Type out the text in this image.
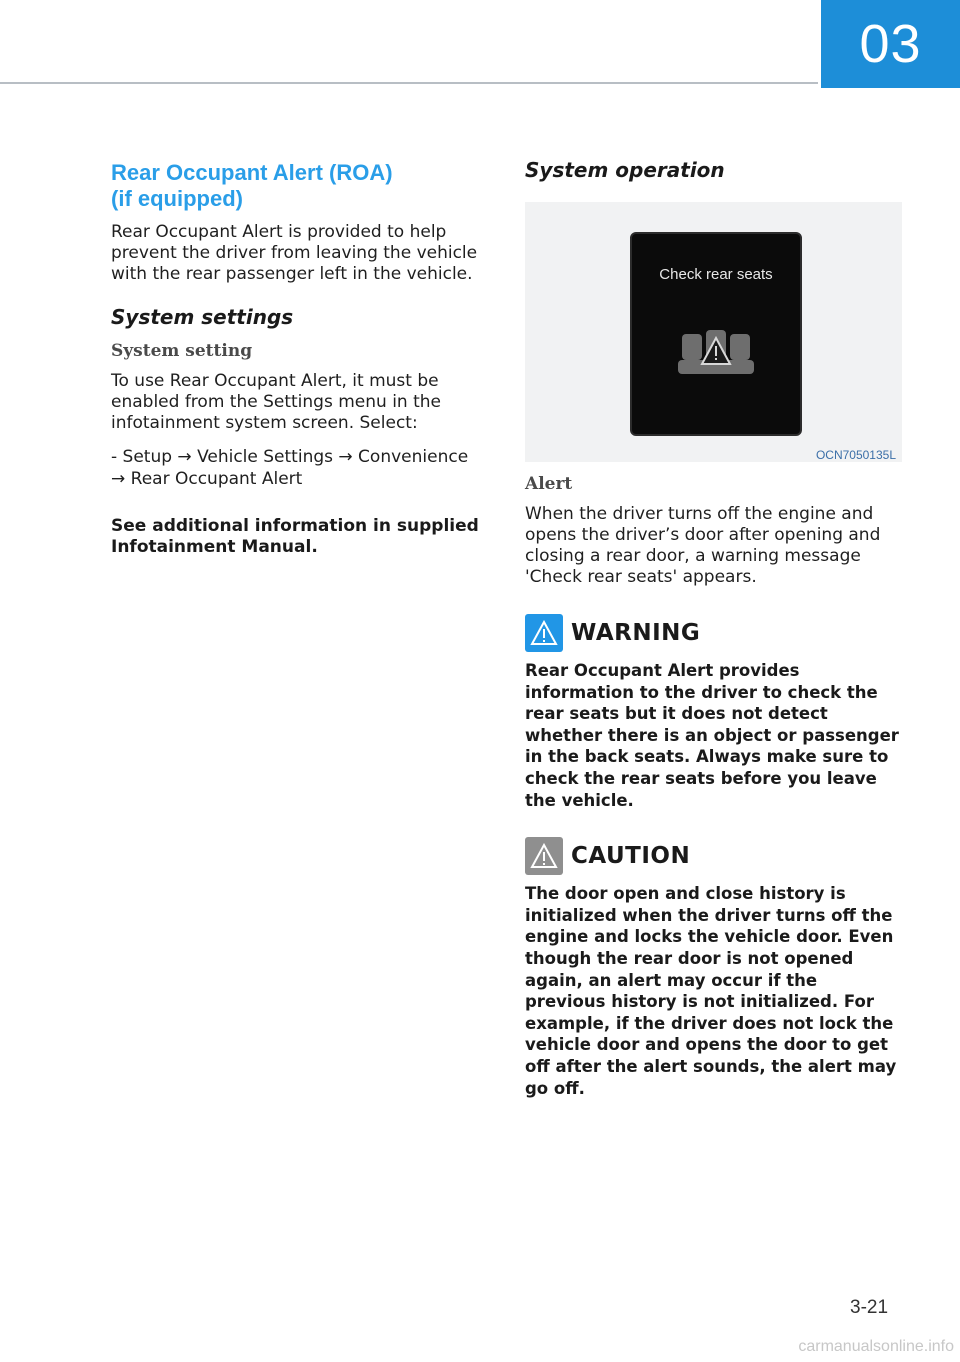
03
Rear Occupant Alert (ROA)
(if equipped)

Rear Occupant Alert is provided to help prevent the driver from leaving the vehicle with the rear passenger left in the vehicle.

System settings
System setting

To use Rear Occupant Alert, it must be enabled from the Settings menu in the infotainment system screen. Select:

- Setup → Vehicle Settings → Convenience

→ Rear Occupant Alert

See additional information in supplied Infotainment Manual.

System operation
Check rear seats
OCN7050135L
Alert

When the driver turns off the engine and opens the driver’s door after opening and closing a rear door, a warning message 'Check rear seats' appears.

WARNING

Rear Occupant Alert provides information to the driver to check the rear seats but it does not detect whether there is an object or passenger in the back seats. Always make sure to check the rear seats before you leave the vehicle.

CAUTION

The door open and close history is initialized when the driver turns off the engine and locks the vehicle door. Even though the rear door is not opened again, an alert may occur if the previous history is not initialized. For example, if the driver does not lock the vehicle door and opens the door to get off after the alert sounds, the alert may go off.

3-21
carmanualsonline.info
